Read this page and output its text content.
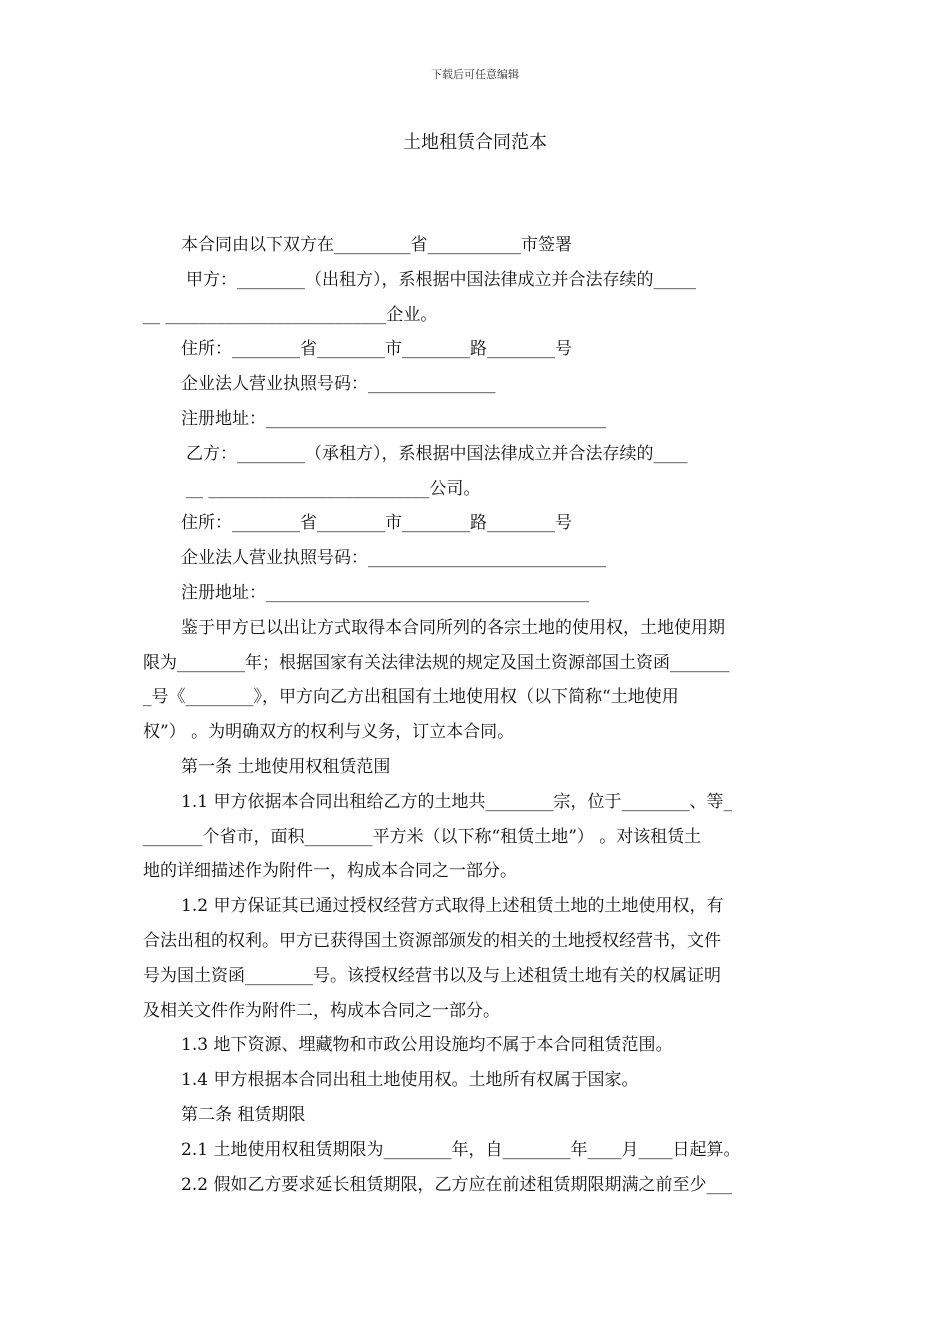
下载后可任意编辑
土地租赁合同范本
本合同由以下双方在_________省___________市签署
甲方：________（出租方），系根据中国法律成立并合法存续的_____
__ __________________________企业。
住所：________省________市________路________号
企业法人营业执照号码：_______________
注册地址：________________________________________
乙方：________（承租方），系根据中国法律成立并合法存续的____
__ __________________________公司。
住所：________省________市________路________号
企业法人营业执照号码：____________________________
注册地址：______________________________________
鉴于甲方已以出让方式取得本合同所列的各宗土地的使用权，土地使用期
限为________年；根据国家有关法律法规的规定及国土资源部国土资函_______
_号《________》，甲方向乙方出租国有土地使用权（以下简称“土地使用
权”） 。为明确双方的权利与义务，订立本合同。
第一条 土地使用权租赁范围
1.1 甲方依据本合同出租给乙方的土地共________宗，位于________、等_
_______个省市，面积________平方米（以下称“租赁土地”） 。对该租赁土
地的详细描述作为附件一，构成本合同之一部分。
1.2 甲方保证其已通过授权经营方式取得上述租赁土地的土地使用权，有
合法出租的权利。甲方已获得国土资源部颁发的相关的土地授权经营书，文件
号为国土资函________号。该授权经营书以及与上述租赁土地有关的权属证明
及相关文件作为附件二，构成本合同之一部分。
1.3 地下资源、埋藏物和市政公用设施均不属于本合同租赁范围。
1.4 甲方根据本合同出租土地使用权。土地所有权属于国家。
第二条 租赁期限
2.1 土地使用权租赁期限为________年，自________年____月____日起算。
2.2 假如乙方要求延长租赁期限，乙方应在前述租赁期限期满之前至少___
